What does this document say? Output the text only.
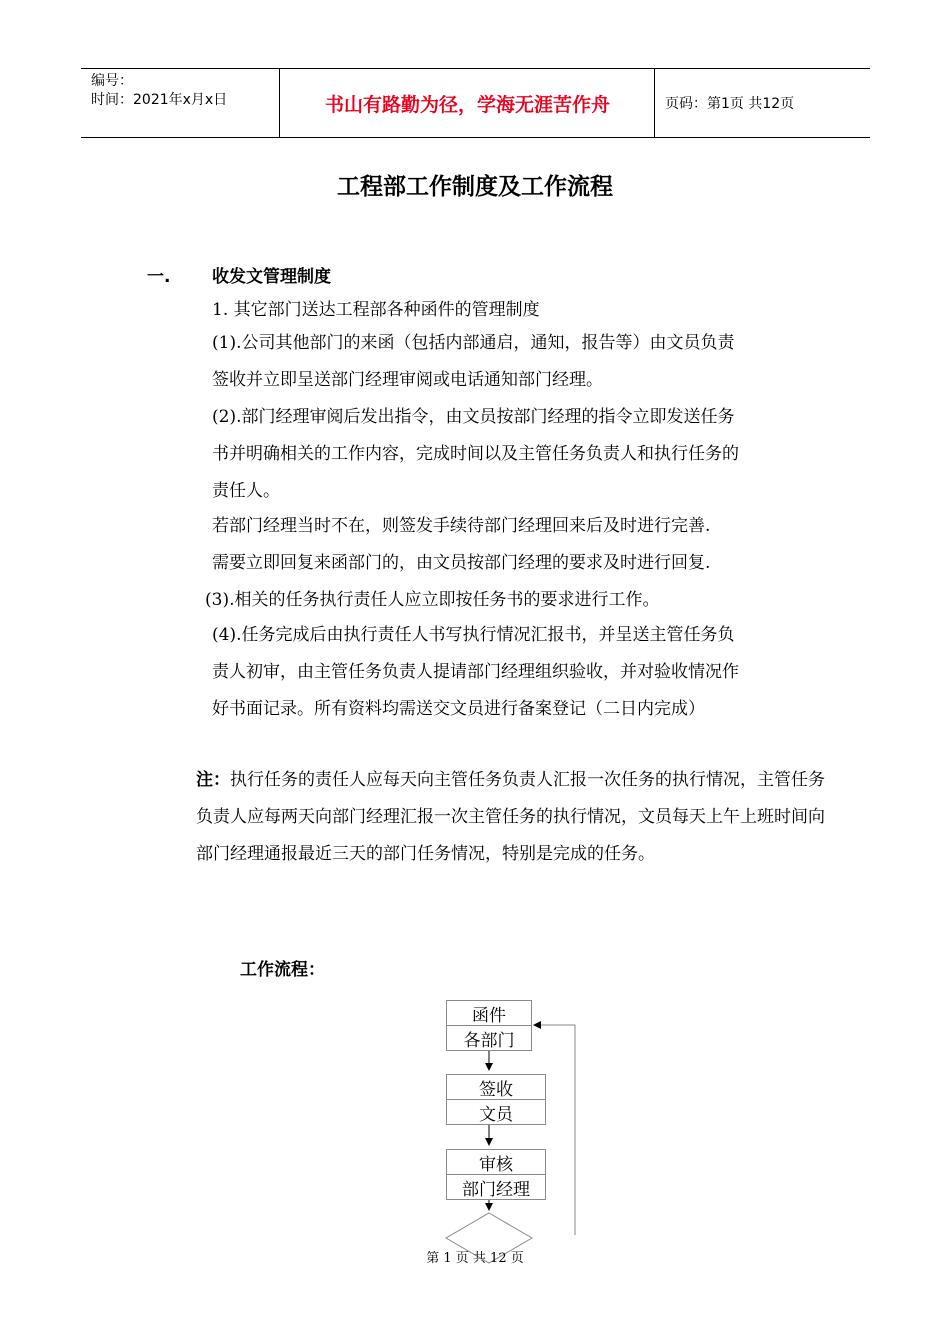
编号：
时间：2021年x月x日	书山有路勤为径，学海无涯苦作舟	页码：第1页 共12页
工程部工作制度及工作流程
一. 收发文管理制度
1. 其它部门送达工程部各种函件的管理制度
(1).公司其他部门的来函（包括内部通启，通知，报告等）由文员负责
签收并立即呈送部门经理审阅或电话通知部门经理。
(2).部门经理审阅后发出指令，由文员按部门经理的指令立即发送任务
书并明确相关的工作内容，完成时间以及主管任务负责人和执行任务的
责任人。
若部门经理当时不在，则签发手续待部门经理回来后及时进行完善.
需要立即回复来函部门的，由文员按部门经理的要求及时进行回复.
(3).相关的任务执行责任人应立即按任务书的要求进行工作。
(4).任务完成后由执行责任人书写执行情况汇报书，并呈送主管任务负
责人初审，由主管任务负责人提请部门经理组织验收，并对验收情况作
好书面记录。所有资料均需送交文员进行备案登记（二日内完成）
注：执行任务的责任人应每天向主管任务负责人汇报一次任务的执行情况，主管任务负责人应每两天向部门经理汇报一次主管任务的执行情况，文员每天上午上班时间向部门经理通报最近三天的部门任务情况，特别是完成的任务。
工作流程：
函件
各部门
签收
文员
审核
部门经理
第 1 页 共 12 页
